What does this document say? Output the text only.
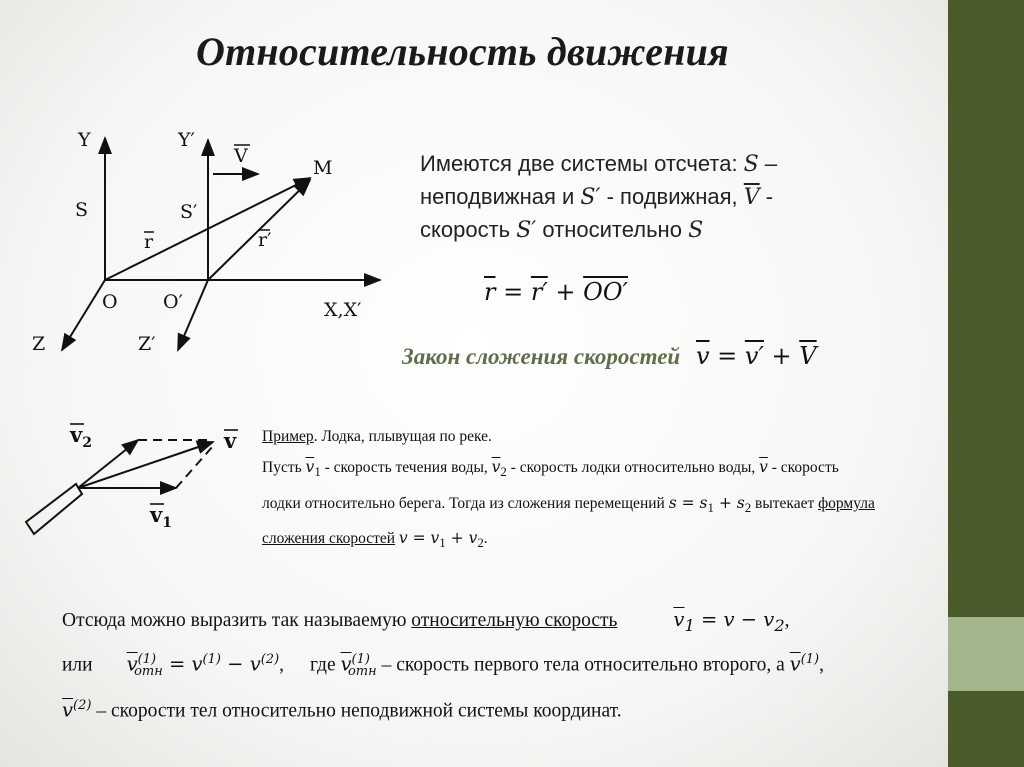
Относительность движения
Y	Y′
S	S′
V
M
r	r′
O O′	X,X′
Z	Z′
Имеются две системы отсчета: S –
неподвижная и S′ - подвижная, $\overline{V}$ -
скорость S′ относительно S
$\overline{r} = r' + OO'$
Закон сложения скоростей $\overline{v} = v' + \overline{V}$
$v_2$	v
$v_1$
Пример. Лодка, плывущая по реке.
Пусть $\overline{v}_1$ - скорость течения воды, $\overline{v}_2$ - скорость лодки относительно воды, $\overline{v}$ - скорость
лодки относительно берега. Тогда из сложения перемещений $s = s_1 + s_2$ вытекает формула
сложения скоростей $v = v_1 + v_2$.
Отсюда можно выразить так называемую относительную скорость	$\overline{v}_1 = v - v_2$,
или $\overline{v}^{(1)}_{отн} = v^{(1)} - v^{(2)}$, где $\overline{v}^{(1)}_{отн}$ – скорость первого тела относительно второго, а $\overline{v}^{(1)}$,
$\overline{v}^{(2)}$ – скорости тел относительно неподвижной системы координат.
